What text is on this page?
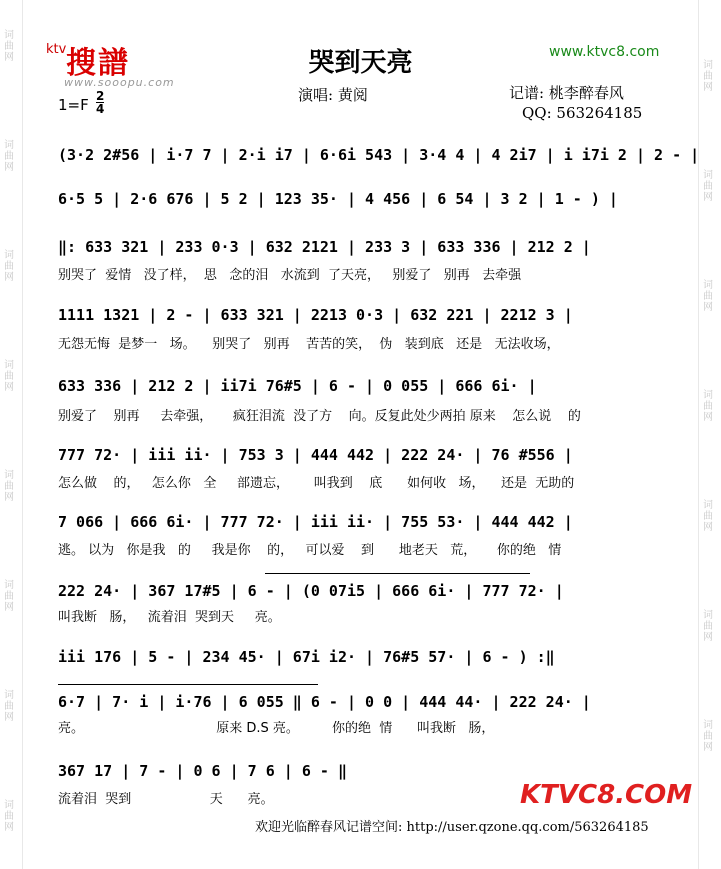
词曲网
词曲网
词曲网
词曲网
词曲网
词曲网
词曲网
词曲网
词曲网
词曲网
词曲网
词曲网
词曲网
词曲网
词曲网
ktv 搜譜
www.sooopu.com
哭到天亮	www.ktvc8.com
演唱: 黄阅
$1=F \frac{2}{4}$	记谱: 桃李醉春风
QQ: 563264185
(3·2 2#56 | i·7 7 | 2·i i7 | 6·6i 543 | 3·4 4 | 4 2i7 | i i7i 2 | 2 - |
6·5 5 | 2·6 676 | 5 2 | 123 35· | 4 456 | 6 54 | 3 2 | 1 - ) |
‖: 633 321 | 233 0·3 | 632 2121 | 233 3 | 633 336 | 212 2 |
别哭了  爱情   没了样，  思   念的泪   水流到  了天亮，   别爱了   别再   去牵强
1111 1321 | 2 - | 633 321 | 2213 0·3 | 632 221 | 2212 3 |
无怨无悔  是梦一   场。    别哭了   别再    苦苦的笑，  伪   装到底   还是   无法收场，
633 336 | 212 2 | ii7i 76#5 | 6 - | 0 055 | 666 6i· |
别爱了    别再     去牵强，     疯狂泪流  没了方    向。反复此处少两拍 原来    怎么说    的
777 72· | iii ii· | 753 3 | 444 442 | 222 24· | 76 #556 |
怎么做    的，   怎么你   全     部遗忘，      叫我到    底      如何收   场，    还是  无助的
7 066 | 666 6i· | 777 72· | iii ii· | 755 53· | 444 442 |
逃。 以为   你是我   的     我是你    的，   可以爱    到      地老天   荒，     你的绝   情
222 24· | 367 17#5 | 6 - | (0 07i5 | 666 6i· | 777 72· |
叫我断   肠，   流着泪  哭到天     亮。
iii 176 | 5 - | 234 45· | 67i i2· | 76#5 57· | 6 - ) :‖
6·7 | 7· i | i·76 | 6 055 ‖ 6 - | 0 0 | 444 44· | 222 24· |
亮。                                原来 D.S 亮。        你的绝  情      叫我断   肠，
367 17 | 7 - | 0 6 | 7 6 | 6 - ‖
流着泪  哭到                   天      亮。	KTVC8.COM
欢迎光临醉春风记谱空间: http://user.qzone.qq.com/563264185
